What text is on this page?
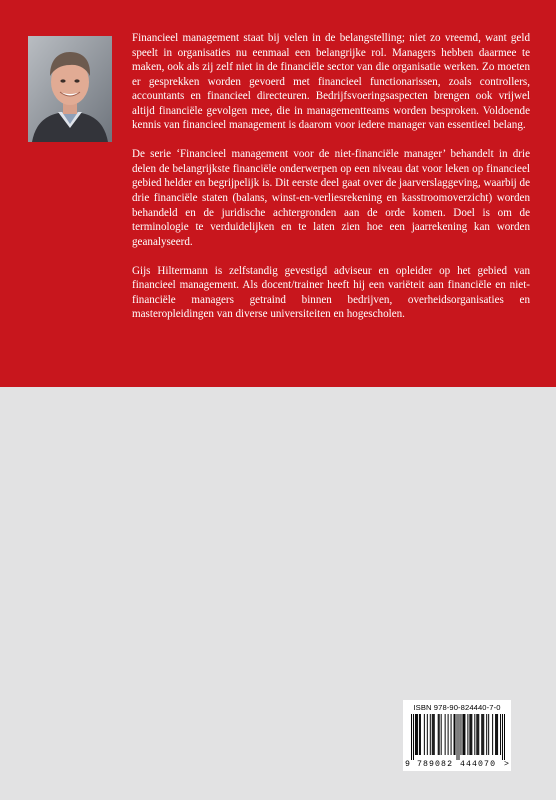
Financieel management staat bij velen in de belangstelling; niet zo vreemd, want geld speelt in organisaties nu eenmaal een belangrijke rol. Managers hebben daarmee te maken, ook als zij zelf niet in de financiële sector van die organisatie werken. Zo moeten er gesprekken worden gevoerd met financieel functionarissen, zoals controllers, accountants en financieel directeuren. Bedrijfsvoeringsaspecten brengen ook vrijwel altijd financiële gevolgen mee, die in managementteams worden besproken. Voldoende kennis van financieel management is daarom voor iedere manager van essentieel belang.

De serie ‘Financieel management voor de niet-financiële manager’ behandelt in drie delen de belangrijkste financiële onderwerpen op een niveau dat voor leken op financieel gebied helder en begrijpelijk is. Dit eerste deel gaat over de jaarverslaggeving, waarbij de drie financiële staten (balans, winst-en-verliesrekening en kasstroomoverzicht) worden behandeld en de juridische achtergronden aan de orde komen. Doel is om de terminologie te verduidelijken en te laten zien hoe een jaarrekening kan worden geanalyseerd.

Gijs Hiltermann is zelfstandig gevestigd adviseur en opleider op het gebied van financieel management. Als docent/trainer heeft hij een variëteit aan financiële en niet-financiële managers getraind binnen bedrijven, overheidsorganisaties en masteropleidingen van diverse universiteiten en hogescholen.

ISBN 978-90-824440-7-0
9 789082 444070 >
